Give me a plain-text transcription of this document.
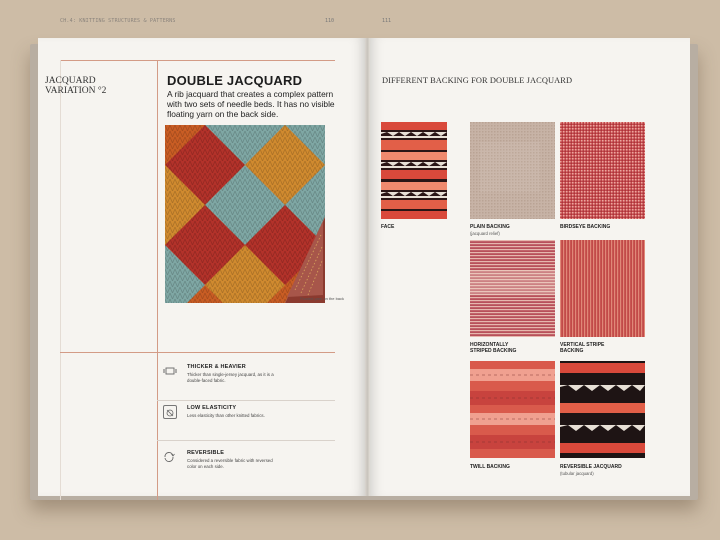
CH.4: KNITTING STRUCTURES & PATTERNS	110
JACQUARD
VARIATION °2
DOUBLE JACQUARD
A rib jacquard that creates a complex pattern with two sets of needle beds. It has no visible floating yarn on the back side.
Floated yarn on the back
THICKER & HEAVIER
Thicker than single-jersey jacquard, as it is a double-faced fabric.
LOW ELASTICITY
Less elasticity than other knitted fabrics.
REVERSIBLE
Considered a reversible fabric with reversed color on each side.
111
DIFFERENT BACKING FOR DOUBLE JACQUARD
FACE	PLAIN BACKING
(jacquard relief)
BIRDSEYE BACKING
HORIZONTALLY
STRIPED BACKING
VERTICAL STRIPE
BACKING
TWILL BACKING	REVERSIBLE JACQUARD
(tubular jacquard)
